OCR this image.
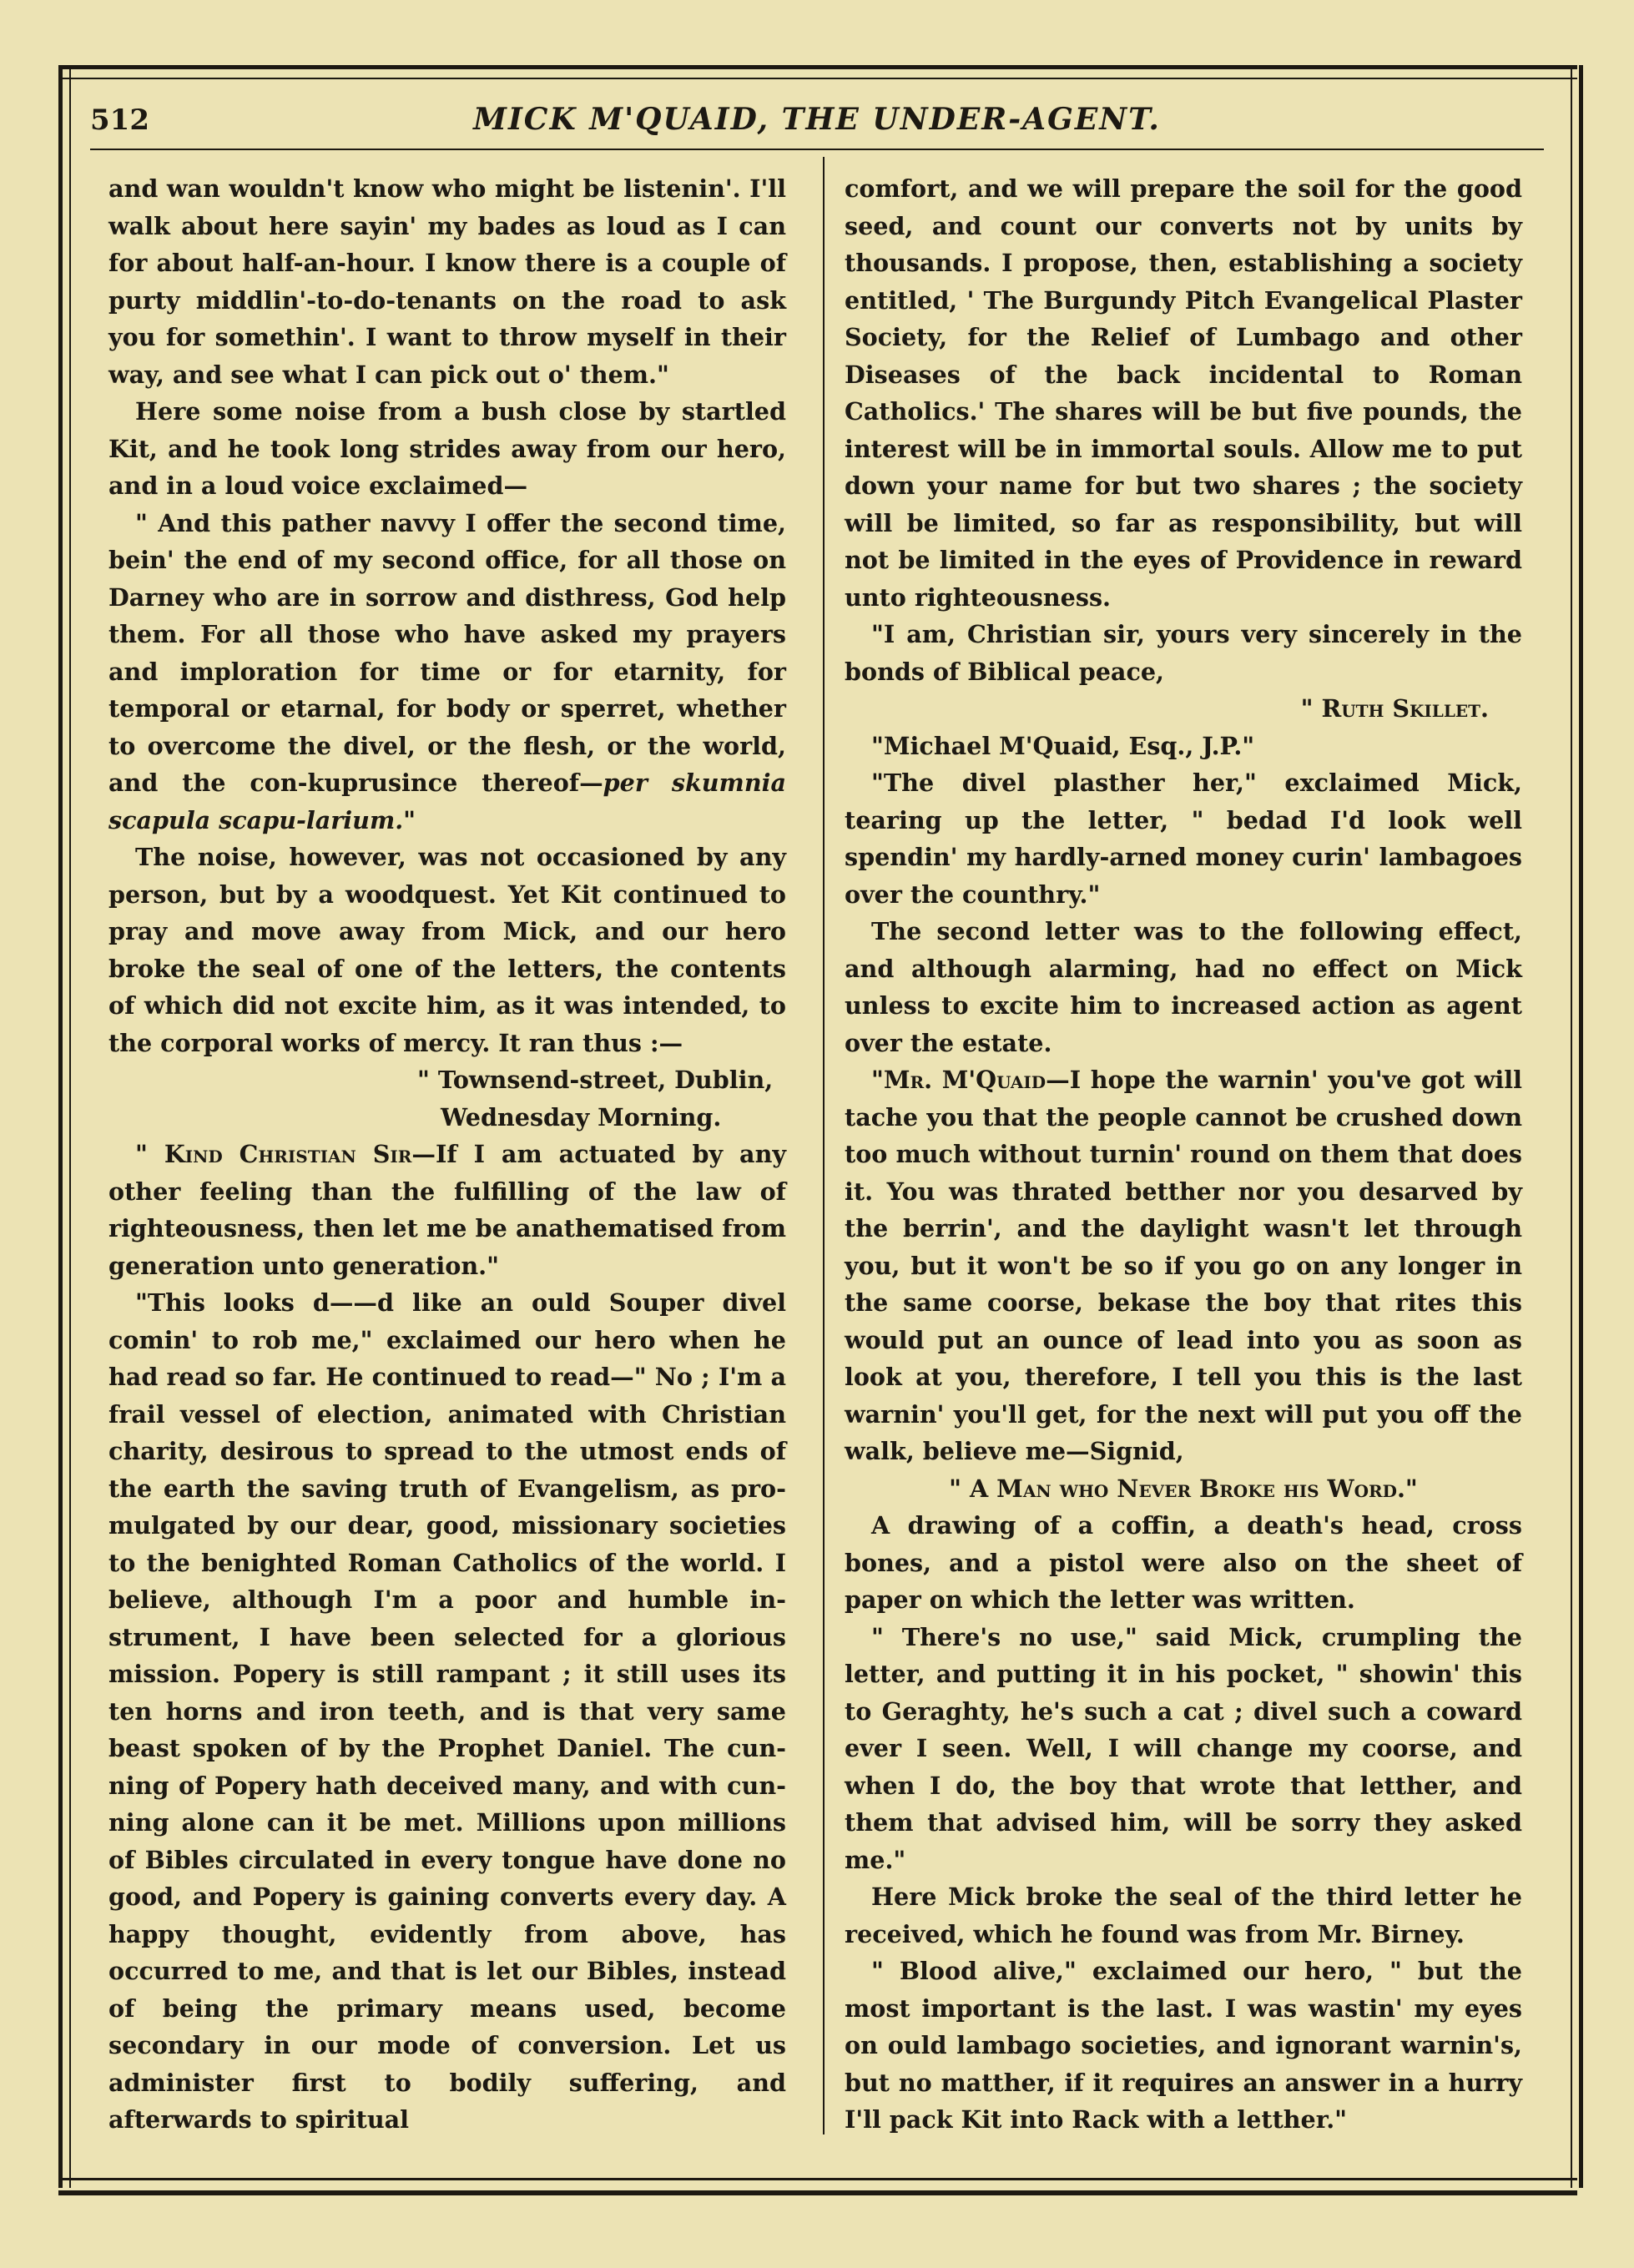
512	MICK M'QUAID, THE UNDER-AGENT.

and wan wouldn't know who might be listenin'. I'll walk about here sayin' my bades as loud as I can for about half-an-hour. I know there is a couple of purty middlin'-to-do-tenants on the road to ask you for somethin'. I want to throw myself in their way, and see what I can pick out o' them."

Here some noise from a bush close by startled Kit, and he took long strides away from our hero, and in a loud voice exclaimed—

" And this pather navvy I offer the second time, bein' the end of my second office, for all those on Darney who are in sorrow and disthress, God help them. For all those who have asked my prayers and imploration for time or for etarnity, for temporal or etarnal, for body or sperret, whether to overcome the divel, or the flesh, or the world, and the con-kuprusince thereof—per skumnia scapula scapu-larium."

The noise, however, was not occasioned by any person, but by a woodquest. Yet Kit continued to pray and move away from Mick, and our hero broke the seal of one of the letters, the contents of which did not excite him, as it was intended, to the corporal works of mercy. It ran thus :—

" Townsend-street, Dublin,

Wednesday Morning.

" Kind Christian Sir—If I am actuated by any other feeling than the fulfilling of the law of righteousness, then let me be anathematised from generation unto generation."

"This looks d——d like an ould Souper divel comin' to rob me," exclaimed our hero when he had read so far. He continued to read—" No ; I'm a frail vessel of election, animated with Christian charity, desirous to spread to the utmost ends of the earth the saving truth of Evangelism, as pro-mulgated by our dear, good, missionary societies to the benighted Roman Catholics of the world. I believe, although I'm a poor and humble in-strument, I have been selected for a glorious mission. Popery is still rampant ; it still uses its ten horns and iron teeth, and is that very same beast spoken of by the Prophet Daniel. The cun-ning of Popery hath deceived many, and with cun-ning alone can it be met. Millions upon millions of Bibles circulated in every tongue have done no good, and Popery is gaining converts every day. A happy thought, evidently from above, has occurred to me, and that is let our Bibles, instead of being the primary means used, become secondary in our mode of conversion. Let us administer first to bodily suffering, and afterwards to spiritual

comfort, and we will prepare the soil for the good seed, and count our converts not by units by thousands. I propose, then, establishing a society entitled, ' The Burgundy Pitch Evangelical Plaster Society, for the Relief of Lumbago and other Diseases of the back incidental to Roman Catholics.' The shares will be but five pounds, the interest will be in immortal souls. Allow me to put down your name for but two shares ; the society will be limited, so far as responsibility, but will not be limited in the eyes of Providence in reward unto righteousness.

"I am, Christian sir, yours very sincerely in the bonds of Biblical peace,

" Ruth Skillet.

"Michael M'Quaid, Esq., J.P."

"The divel plasther her," exclaimed Mick, tearing up the letter, " bedad I'd look well spendin' my hardly-arned money curin' lambagoes over the counthry."

The second letter was to the following effect, and although alarming, had no effect on Mick unless to excite him to increased action as agent over the estate.

"Mr. M'Quaid—I hope the warnin' you've got will tache you that the people cannot be crushed down too much without turnin' round on them that does it. You was thrated betther nor you desarved by the berrin', and the daylight wasn't let through you, but it won't be so if you go on any longer in the same coorse, bekase the boy that rites this would put an ounce of lead into you as soon as look at you, therefore, I tell you this is the last warnin' you'll get, for the next will put you off the walk, believe me—Signid,

" A Man who Never Broke his Word."

A drawing of a coffin, a death's head, cross bones, and a pistol were also on the sheet of paper on which the letter was written.

" There's no use," said Mick, crumpling the letter, and putting it in his pocket, " showin' this to Geraghty, he's such a cat ; divel such a coward ever I seen. Well, I will change my coorse, and when I do, the boy that wrote that letther, and them that advised him, will be sorry they asked me."

Here Mick broke the seal of the third letter he received, which he found was from Mr. Birney.

" Blood alive," exclaimed our hero, " but the most important is the last. I was wastin' my eyes on ould lambago societies, and ignorant warnin's, but no matther, if it requires an answer in a hurry I'll pack Kit into Rack with a letther."
